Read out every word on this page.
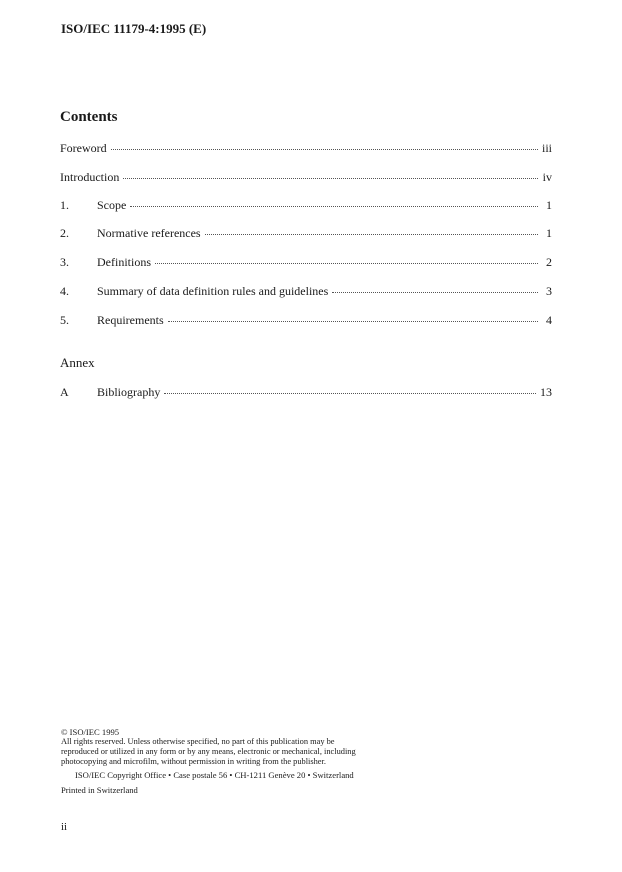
ISO/IEC 11179-4:1995 (E)
Contents
Foreword	iii
Introduction	iv
1.	Scope	1
2.	Normative references	1
3.	Definitions	2
4.	Summary of data definition rules and guidelines	3
5.	Requirements	4
Annex
A	Bibliography	13
© ISO/IEC 1995
All rights reserved. Unless otherwise specified, no part of this publication may be
reproduced or utilized in any form or by any means, electronic or mechanical, including
photocopying and microfilm, without permission in writing from the publisher.
ISO/IEC Copyright Office • Case postale 56 • CH-1211 Genève 20 • Switzerland
Printed in Switzerland
ii
